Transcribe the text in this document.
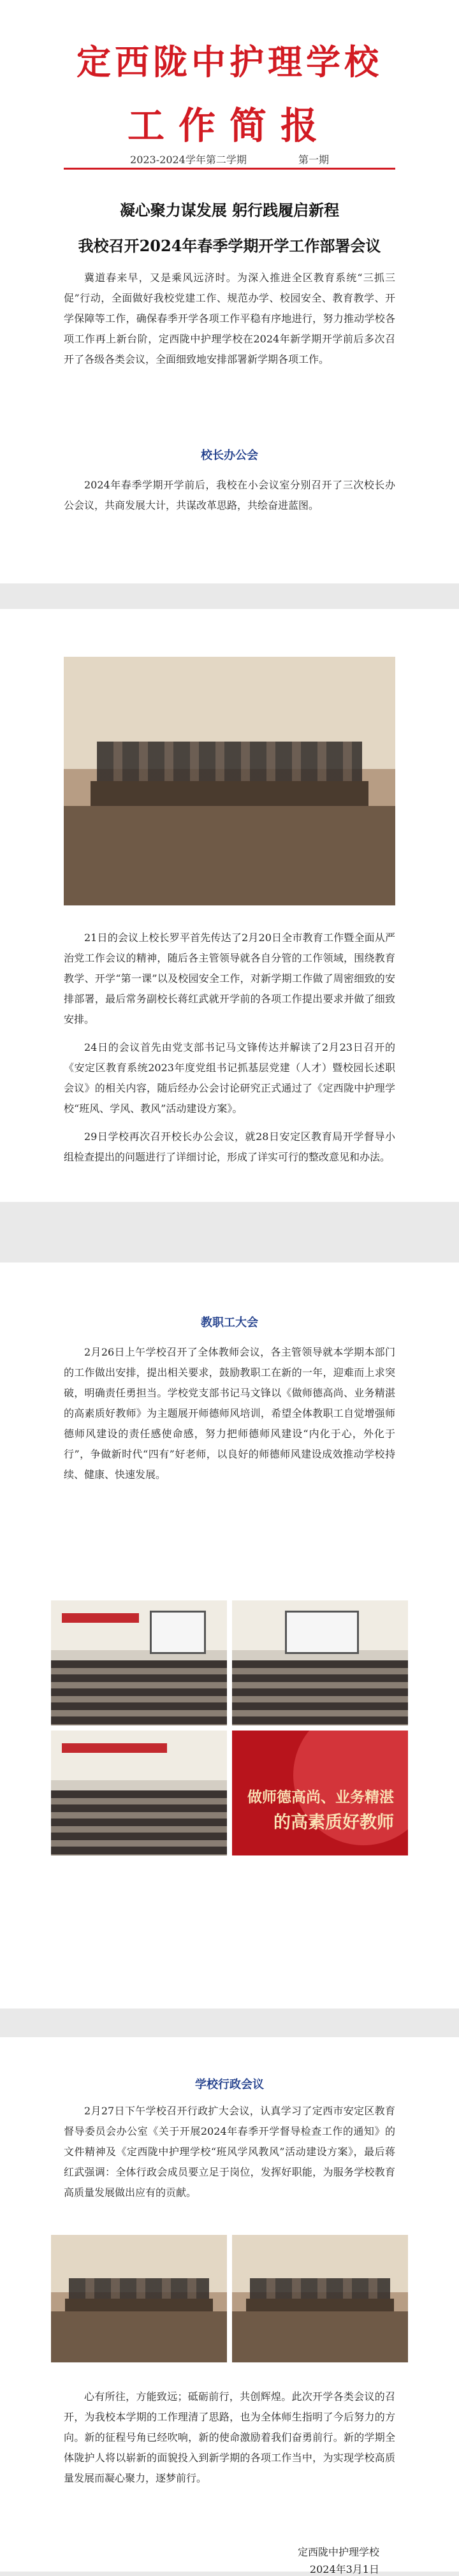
定西陇中护理学校
工作简报
2023-2024学年第二学期	第一期
凝心聚力谋发展 躬行践履启新程
我校召开2024年春季学期开学工作部署会议

冀道春来早，又是乘风远济时。为深入推进全区教育系统“三抓三促”行动，全面做好我校党建工作、规范办学、校园安全、教育教学、开学保障等工作，确保春季开学各项工作平稳有序地进行，努力推动学校各项工作再上新台阶，定西陇中护理学校在2024年新学期开学前后多次召开了各级各类会议，全面细致地安排部署新学期各项工作。

校长办公会

2024年春季学期开学前后，我校在小会议室分别召开了三次校长办公会议，共商发展大计，共谋改革思路，共绘奋进蓝图。

21日的会议上校长罗平首先传达了2月20日全市教育工作暨全面从严治党工作会议的精神，随后各主管领导就各自分管的工作领域，围绕教育教学、开学“第一课”以及校园安全工作，对新学期工作做了周密细致的安排部署，最后常务副校长蒋红武就开学前的各项工作提出要求并做了细致安排。

24日的会议首先由党支部书记马文锋传达并解读了2月23日召开的《安定区教育系统2023年度党组书记抓基层党建（人才）暨校园长述职会议》的相关内容，随后经办公会讨论研究正式通过了《定西陇中护理学校“班风、学风、教风”活动建设方案》。

29日学校再次召开校长办公会议，就28日安定区教育局开学督导小组检查提出的问题进行了详细讨论，形成了详实可行的整改意见和办法。

教职工大会

2月26日上午学校召开了全体教师会议，各主管领导就本学期本部门的工作做出安排，提出相关要求，鼓励教职工在新的一年，迎难而上求突破，明确责任勇担当。学校党支部书记马文锋以《做师德高尚、业务精湛的高素质好教师》为主题展开师德师风培训，希望全体教职工自觉增强师德师风建设的责任感使命感，努力把师德师风建设“内化于心，外化于行”，争做新时代“四有”好老师，以良好的师德师风建设成效推动学校持续、健康、快速发展。

做师德高尚、业务精湛
的高素质好教师
学校行政会议

2月27日下午学校召开行政扩大会议，认真学习了定西市安定区教育督导委员会办公室《关于开展2024年春季开学督导检查工作的通知》的文件精神及《定西陇中护理学校“班风学风教风”活动建设方案》，最后蒋红武强调：全体行政会成员要立足于岗位，发挥好职能，为服务学校教育高质量发展做出应有的贡献。

心有所往，方能致远；砥砺前行，共创辉煌。此次开学各类会议的召开，为我校本学期的工作理清了思路，也为全体师生指明了今后努力的方向。新的征程号角已经吹响，新的使命激励着我们奋勇前行。新的学期全体陇护人将以崭新的面貌投入到新学期的各项工作当中，为实现学校高质量发展而凝心聚力，逐梦前行。

定西陇中护理学校
2024年3月1日
